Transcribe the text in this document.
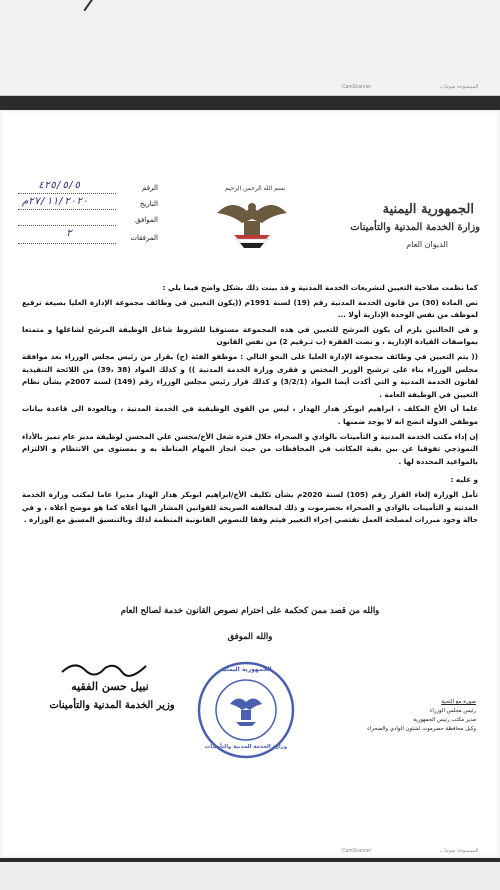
CamScanner	الممسوحة ضوئيا بـ
الجمهورية اليمنية
وزارة الخدمة المدنية والتأمينات
الديوان العام
بسم الله الرحمن الرحيم
الرقم
٤٢٥/٥/٥
التاريخ
٢٧/١١/٢٠٢٠م
الموافق
المرفقات
٢

كما نظمت صلاحية التعيين لتشريعات الخدمة المدنية و قد بينت ذلك بشكل واضح فيما يلي :

نص المادة (30) من قانون الخدمة المدنية رقم (19) لسنة 1991م ((يكون التعيين في وظائف مجموعة الإدارة العليا بصيغة ترقيع لموظف من نفس الوحدة الإدارية أولا ...

و في الحالتين يلزم أن يكون المرشح للتعيين في هذه المجموعة مستوفيا للشروط شاغل الوظيفة المرشح لشاغلها و متمتعا بمواصفات القيادة الإدارية ، و نصت الفقرة (ب ثـرقيم 2) من نفس القانون

(( يتم التعيين في وظائف مجموعة الإدارة العليا على النحو التالي : موظفو الفئة (ج) بقرار من رئيس مجلس الوزراء بعد موافقة مجلس الوزراء بناء على ترشيح الوزير المختص و فقرى وزارة الخدمة المدنية )) و كذلك المواد (38 ،39) من اللائحة التنفيذية لقانون الخدمة المدنية و التي أكدت أيضا المواد (3/2/1) و كذلك قرار رئيس مجلس الوزراء رقم (149) لسنة 2007م بشأن نظام التعيين في الوظيفة العامة .

علما أن الأخ المكلف ، ابراهيم ابوبكر هدار الهدار ، ليس من القوى الوظيفية في الخدمة المدنية ، وبالعودة الى قاعدة بيانات موظفي الدولة اتضح انه لا يوجد ضمنها .

إن إداء مكتب الخدمة المدنية و التأمينات بالوادي و الصحراء خلال فترة شغل الأخ/محسن علي المحسن لوظيفة مدير عام تميز بالأداء النموذجي تفوقيا عن بين بقية المكاتب في المحافظات من حيث انجاز المهام المناطة به و بمستوى من الانتظام و الالتزام بالمواعيد المحددة لها .

و عليه :

تأمل الوزارة إلغاء القرار رقم (105) لسنة 2020م بشأن تكليف الأخ/ابراهيم ابوبكر هدار الهدار مديرا عاما لمكتب وزارة الخدمة المدنية و التأمينات بالوادي و الصحراء بحضرموت و ذلك لمخالفته الصريحة للقوانين المشار اليها أعلاه كما هو موضح أعلاه ، و في حالة وجود مبررات لمصلحة العمل تقتضي إجراء التغيير فيتم وفقا للنصوص القانونية المنظمة لذلك وبالتنسيق المسبق مع الوزارة .

والله من قصد ممن كحكمة على احترام نصوص القانون خدمة لصالح العام
والله الموفق
نبيل حسن الفقيه
وزير الخدمة المدنية والتأمينات
الجمهورية اليمنية
وزارة الخدمة المدنية والتأمينات
صورة مع التحية
رئيس مجلس الوزراء
مدير مكتب رئيس الجمهورية
وكيل محافظة حضرموت لشئون الوادي والصحراء
CamScanner	الممسوحة ضوئيا بـ
